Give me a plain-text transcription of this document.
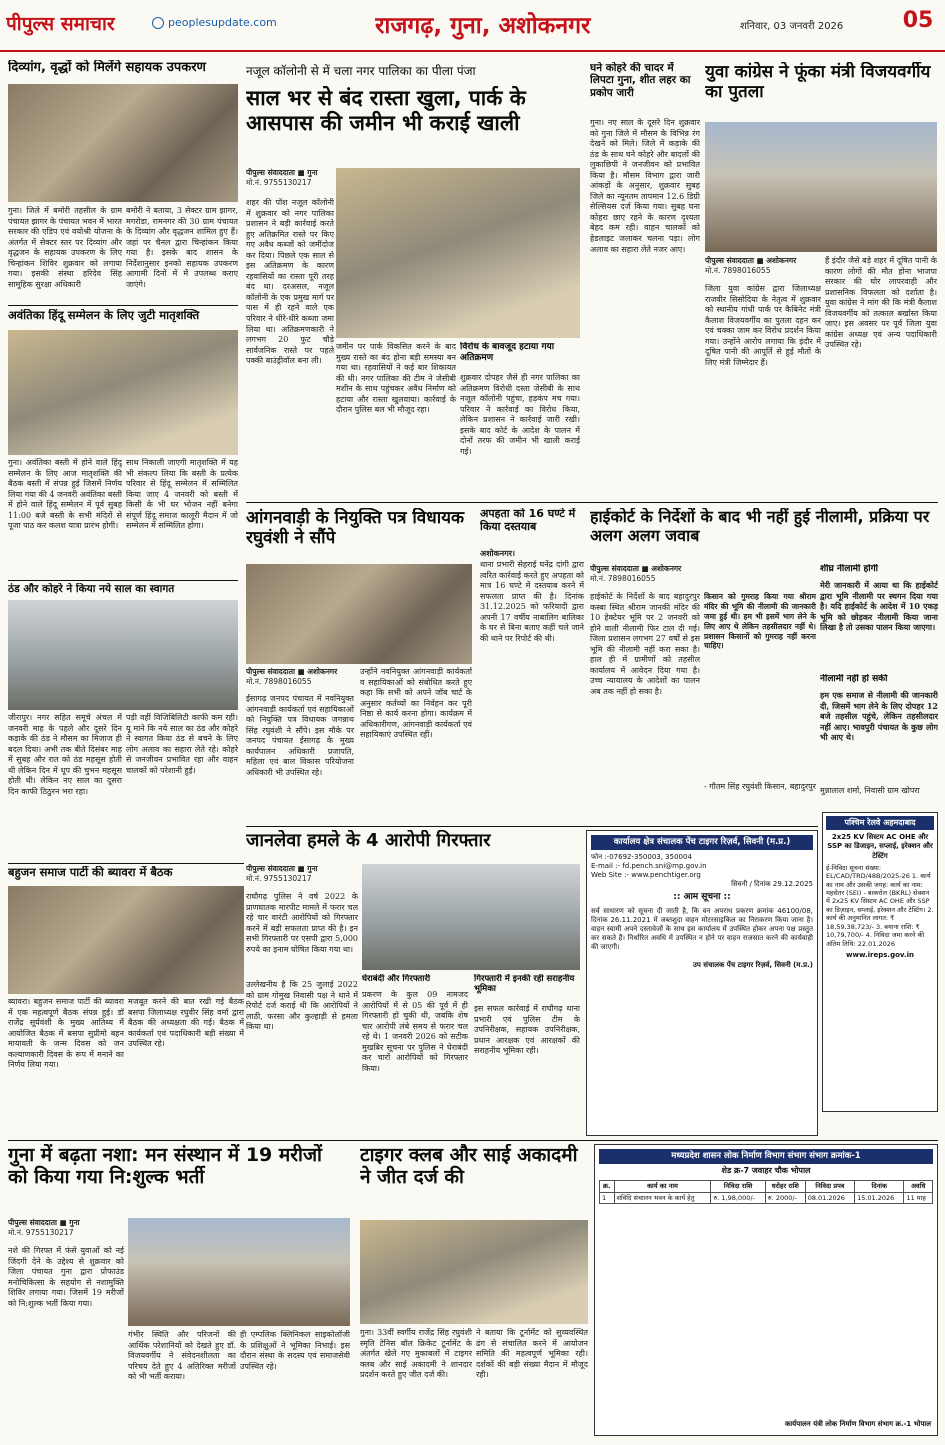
पीपुल्स समाचार	peoplesupdate.com	राजगढ़, गुना, अशोकनगर	शनिवार, 03 जनवरी 2026	05
दिव्यांग, वृद्धों को मिलेंगे सहायक उपकरण
गुना। जिले में बमोरी तहसील के ग्राम पंचायत झागर के पंचायत भवन में भारत सरकार की एडिप एवं वयोश्री योजना के अंतर्गत में सेक्टर स्तर पर दिव्यांग और वृद्धजन के सहायक उपकरण के लिए चिन्हांकन शिविर शुक्रवार को लगाया गया। इसकी संस्था हरिदेव सिंह सामूहिक सुरक्षा अधिकारी
बमोरी ने बताया, 3 सेक्टर ग्राम झागर, मगरोडा, रामनगर की 30 ग्राम पंचायत के दिव्यांग और वृद्धजन शामिल हुए हैं। जहां पर चैनल द्वारा चिन्हांकन किया गया है। इसके बाद शासन के निर्देशानुसार इनको सहायक उपकरण आगामी दिनों में में उपलब्ध कराए जाएंगे।
अवंतिका हिंदू सम्मेलन के लिए जुटी मातृशक्ति
गुना। अवंतिका बस्ती में होने वाले हिंदू सम्मेलन के लिए आज मातृशक्ति की बैठक बस्ती में संपन्न हुई जिसमें निर्णय लिया गया की 4 जनवरी अवंतिका बस्ती में होने वाले हिंदू सम्मेलन में पूर्व सुबह 11:00 बजे बस्ती के सभी मंदिरों से पूजा पाठ कर कलश यात्रा प्रारंभ होगी।
साथ निकाली जाएगी मातृशक्ति में यह भी संकल्प लिया कि बस्ती के प्रत्येक परिवार से हिंदू सम्मेलन में सम्मिलित किया जाए 4 जनवरी को बस्ती में किसी के भी घर भोजन नहीं बनेगा संपूर्ण हिंदू समाज कालूरी मैदान में जो सम्मेलन में सम्मिलित होगा।
ठंड और कोहरे ने किया नये साल का स्वागत
जीरापुर। नगर सहित समूचे अंचल में जनवरी माह के पहले और दूसरे दिन कड़ाके की ठंड ने मौसम का मिजाज ही बदल दिया। अभी तक बीते दिसंबर माह में सुबह और रात को ठंड महसूस होती थी लेकिन दिन में धूप की चुभन महसूस होती थी। लेकिन नए साल का दूसरा दिन काफी ठिठुरन भरा रहा।
पड़ी वहीं विजिबिलिटी काफी कम रही। यू माने कि नये साल का ठंड और कोहरे ने स्वागत किया ठंड से बचने के लिए लोग अलाव का सहारा लेते रहे। कोहरे से जनजीवन प्रभावित रहा और वाहन चालकों को परेशानी हुई।
बहुजन समाज पार्टी की ब्यावरा में बैठक
ब्यावरा। बहुजन समाज पार्टी की ब्यावरा में एक महत्वपूर्ण बैठक संपन्न हुई। डॉ राजेंद्र सूर्यवंशी के मुख्य आतिथ्य में आयोजित बैठक में बसपा सुप्रीमो बहन मायावती के जन्म दिवस को जन कल्याणकारी दिवस के रूप में मनाने का निर्णय लिया गया।
मजबूत करने की बात रखी गई बैठक बसपा जिलाध्यक्ष रघुवीर सिंह वर्मा द्वारा बैठक की अध्यक्षता की गई। बैठक में कार्यकर्ता एवं पदाधिकारी बड़ी संख्या में उपस्थित रहे।
नजूल कॉलोनी से में चला नगर पालिका का पीला पंजा
साल भर से बंद रास्ता खुला, पार्क के आसपास की जमीन भी कराई खाली
पीपुल्स संवाददाता ■ गुना
मो.नं. 9755130217
शहर की पॉश नजूल कॉलोनी में शुक्रवार को नगर पालिका प्रशासन ने बड़ी कार्रवाई करते हुए अतिक्रमित रास्ते पर किए गए अवैध कब्जों को जमींदोज कर दिया। पिछले एक साल से इस अतिक्रमण के कारण रहवासियों का रास्ता पूरी तरह बंद था। दरअसल, नजूल कॉलोनी के एक प्रमुख मार्ग पर पास में ही रहने वाले एक परिवार ने धीरे-धीरे कब्जा जमा लिया था। अतिक्रमणकारी ने लगभग 20 फुट चौड़े सार्वजनिक रास्ते पर पहले पक्की बाउंड्रीवॉल बना ली।
जमीन पर पार्क विकसित करने के बाद मुख्य रास्ते का बंद होना बड़ी समस्या बन गया था। रहवासियों ने कई बार शिकायत की थी। नगर पालिका की टीम ने जेसीबी मशीन के साथ पहुंचकर अवैध निर्माण को हटाया और रास्ता खुलवाया। कार्रवाई के दौरान पुलिस बल भी मौजूद रहा।
विरोध के बावजूद हटाया गया अतिक्रमण
शुक्रवार दोपहर जैसे ही नगर पालिका का अतिक्रमण विरोधी दस्ता जेसीबी के साथ नजूल कॉलोनी पहुंचा, हड़कंप मच गया। परिवार ने कार्रवाई का विरोध किया, लेकिन प्रशासन ने कार्रवाई जारी रखी। इसके बाद कोर्ट के आदेश के पालन में दोनों तरफ की जमीन भी खाली कराई गई।
घने कोहरे की चादर में लिपटा गुना, शीत लहर का प्रकोप जारी
गुना। नए साल के दूसरे दिन शुक्रवार को गुना जिले में मौसम के विभिन्न रंग देखने को मिले। जिले में कड़ाके की ठंड के साथ घने कोहरे और बादलों की लुकाछिपी ने जनजीवन को प्रभावित किया है। मौसम विभाग द्वारा जारी आंकड़ों के अनुसार, शुक्रवार सुबह जिले का न्यूनतम तापमान 12.6 डिग्री सेल्सियस दर्ज किया गया। सुबह घना कोहरा छाए रहने के कारण दृश्यता बेहद कम रही। वाहन चालकों को हेडलाइट जलाकर चलना पड़ा। लोग अलाव का सहारा लेते नजर आए।
युवा कांग्रेस ने फूंका मंत्री विजयवर्गीय का पुतला
पीपुल्स संवाददाता ■ अशोकनगर
मो.नं. 7898016055
जिला युवा कांग्रेस द्वारा जिलाध्यक्ष राजवीर सिसोदिया के नेतृत्व में शुक्रवार को स्थानीय गांधी पार्क पर कैबिनेट मंत्री कैलाश विजयवर्गीय का पुतला दहन कर एवं चक्का जाम कर विरोध प्रदर्शन किया गया। उन्होंने आरोप लगाया कि इंदौर में दूषित पानी की आपूर्ति से हुई मौतों के लिए मंत्री जिम्मेदार हैं।
हैं इंदौर जैसे बड़े शहर में दूषित पानी के कारण लोगों की मौत होना भाजपा सरकार की घोर लापरवाही और प्रशासनिक विफलता को दर्शाता है। युवा कांग्रेस ने मांग की कि मंत्री कैलाश विजयवर्गीय को तत्काल बर्खास्त किया जाए। इस अवसर पर पूर्व जिला युवा कांग्रेस अध्यक्ष एवं अन्य पदाधिकारी उपस्थित रहे।
आंगनवाड़ी के नियुक्ति पत्र विधायक रघुवंशी ने सौंपे
पीपुल्स संवाददाता ■ अशोकनगर
मो.नं. 7898016055
ईसागढ़ जनपद पंचायत में नवनियुक्त आंगनवाड़ी कार्यकर्ता एवं सहायिकाओं को नियुक्ति पत्र विधायक जगन्नाथ सिंह रघुवंशी ने सौंपे। इस मौके पर जनपद पंचायत ईसागढ़ के मुख्य कार्यपालन अधिकारी प्रजापति, महिला एवं बाल विकास परियोजना अधिकारी भी उपस्थित रहे।
उन्होंने नवनियुक्त आंगनवाड़ी कार्यकर्ता व सहायिकाओं को संबोधित करते हुए कहा कि सभी को अपने जॉब चार्ट के अनुसार कर्तव्यों का निर्वहन कर पूरी निष्ठा से कार्य करना होगा। कार्यक्रम में अधिकारीगण, आंगनवाड़ी कार्यकर्ता एवं सहायिकाएं उपस्थित रहीं।
अपहता को 16 घण्टे में किया दस्तयाब
अशोकनगर।
थाना प्रभारी सेहराई घनेंद्र दांगी द्वारा त्वरित कार्रवाई करते हुए अपहता को मात्र 16 घण्टे में दस्तयाब करने में सफलता प्राप्त की है। दिनांक 31.12.2025 को फरियादी द्वारा अपनी 17 वर्षीय नाबालिग बालिका के घर से बिना बताए कहीं चले जाने की थाने पर रिपोर्ट की थी।
हाईकोर्ट के निर्देशों के बाद भी नहीं हुई नीलामी, प्रक्रिया पर अलग अलग जवाब
पीपुल्स संवाददाता ■ अशोकनगर
मो.नं. 7898016055
हाईकोर्ट के निर्देशों के बाद बहादुरपुर कस्बा स्थित श्रीराम जानकी मंदिर की 10 हेक्टेयर भूमि पर 2 जनवरी को होने वाली नीलामी फिर टाल दी गई। जिला प्रशासन लगभग 27 वर्षों से इस भूमि की नीलामी नहीं करा सका है। हाल ही में ग्रामीणों को तहसील कार्यालय में आवेदन दिया गया है। उच्च न्यायालय के आदेशों का पालन अब तक नहीं हो सका है।
किसान को गुमराह किया गया श्रीराम मंदिर की भूमि की नीलामी की जानकारी जमा हुई थी। हम भी इसमें भाग लेने के लिए आए थे लेकिन तहसीलदार नहीं थे। प्रशासन किसानों को गुमराह नहीं करना चाहिए।
- गौतम सिंह रघुवंशी किसान, बहादुरपुर
शीघ्र नीलामी होगी
मेरी जानकारी में आया था कि हाईकोर्ट द्वारा भूमि नीलामी पर स्थगन दिया गया है। यदि हाईकोर्ट के आदेश में 10 एकड़ भूमि को छोड़कर नीलामी किया जाना लिखा है तो उसका पालन किया जाएगा।
नीलामी नहीं हो सकी
हम एक समाज से नीलामी की जानकारी दी, जिसमें भाग लेने के लिए दोपहर 12 बजे तहसील पहुंचे, लेकिन तहसीलदार नहीं आए। भावपुरी पंचायत के कुछ लोग भी आए थे।
मुन्नालाल शर्मा, निवासी ग्राम खोपरा
पश्चिम रेलवे अहमदाबाद
2x25 KV सिस्टम AC OHE और SSP का डिजाइन, सप्लाई, इरेक्शन और टेस्टिंग
ई-निविदा सूचना संख्या: EL/CAD/TRD/48B/2025-26 1. कार्य का नाम और उसकी जगह: कार्य का नाम: महसेतर (SEI) - बाकरोल (BKRL) सेक्शन में 2x25 KV सिस्टम AC OHE और SSP का डिज़ाइन, सप्लाई, इरेक्शन और टेस्टिंग। 2. कार्य की अनुमानित लागत: ₹ 18,59,38,723/- 3. बयाना राशि: ₹ 10,79,700/- 4. निविदा जमा करने की अंतिम तिथि: 22.01.2026
www.ireps.gov.in
जानलेवा हमले के 4 आरोपी गिरफ्तार
पीपुल्स संवाददाता ■ गुना
मो.नं. 9755130217
राघौगढ़ पुलिस ने वर्ष 2022 के प्राणघातक मारपीट मामले में फरार चल रहे चार वारंटी आरोपियों को गिरफ्तार करने में बड़ी सफलता प्राप्त की है। इन सभी गिरफ्तारी पर एसपी द्वारा 5,000 रुपये का इनाम घोषित किया गया था।
उल्लेखनीय है कि 25 जुलाई 2022 को ग्राम गोमुख निवासी पक्ष ने थाने में रिपोर्ट दर्ज कराई थी कि आरोपियों ने लाठी, फरसा और कुल्हाड़ी से हमला किया था।
घेराबंदी और गिरफ्तारी
प्रकरण के कुल 09 नामजद आरोपियों में से 05 की पूर्व में ही गिरफ्तारी हो चुकी थी, जबकि शेष चार आरोपी लंबे समय से फरार चल रहे थे। 1 जनवरी 2026 को सटीक मुखबिर सूचना पर पुलिस ने घेराबंदी कर चारों आरोपियों को गिरफ्तार किया।
गिरफ्तारी में इनकी रही सराहनीय भूमिका
इस सफल कार्रवाई में राघौगढ़ थाना प्रभारी एवं पुलिस टीम के उपनिरीक्षक, सहायक उपनिरीक्षक, प्रधान आरक्षक एवं आरक्षकों की सराहनीय भूमिका रही।
कार्यालय क्षेत्र संचालक पेंच टाइगर रिज़र्व, सिवनी (म.प्र.)
फोन :-07692-350003, 350004
E-mail :- fd.pench.sni@mp.gov.in
Web Site :- www.penchtiger.org
सिवनी / दिनांक 29.12.2025
:: आम सूचना ::
सर्व साधारण को सूचना दी जाती है, कि वन अपराध प्रकरण क्रमांक 46100/08, दिनांक 26.11.2021 में जब्तशुदा वाहन मोटरसाइकिल का निराकरण किया जाना है। वाहन स्वामी अपने दस्तावेजों के साथ इस कार्यालय में उपस्थित होकर अपना पक्ष प्रस्तुत कर सकते हैं। निर्धारित अवधि में उपस्थित न होने पर वाहन राजसात करने की कार्यवाही की जाएगी।
उप संचालक पेंच टाइगर रिज़र्व, सिवनी (म.प्र.)
गुना में बढ़ता नशा: मन संस्थान में 19 मरीजों को किया गया नि:शुल्क भर्ती
पीपुल्स संवाददाता ■ गुना
मो.नं. 9755130217
नशे की गिरफ्त में फंसे युवाओं को नई जिंदगी देने के उद्देश्य से शुक्रवार को जिला पंचायत गुना द्वारा प्रोफाउंड मनोचिकित्सा के सहयोग से नशामुक्ति शिविर लगाया गया। जिसमें 19 मरीजों को नि:शुल्क भर्ती किया गया।
गंभीर स्थिति और परिजनों की आर्थिक परेशानियों को देखते हुए डॉ. विजयवर्गीय ने संवेदनशीलता का परिचय देते हुए 4 अतिरिक्त मरीजों को भी भर्ती कराया।
ही एम्पलिक क्लिनिकल साइकोलॉजी के प्रशिक्षुओं ने भूमिका निभाई। इस दौरान संस्था के सदस्य एवं समाजसेवी उपस्थित रहे।
टाइगर क्लब और साई अकादमी ने जीत दर्ज की
गुना। 33वीं स्वर्गीय राजेंद्र सिंह रघुवंशी स्मृति टेनिस बॉल क्रिकेट टूर्नामेंट के अंतर्गत खेले गए मुकाबलों में टाइगर क्लब और साई अकादमी ने शानदार प्रदर्शन करते हुए जीत दर्ज की।
ने बताया कि टूर्नामेंट को सुव्यवस्थित ढंग से संचालित करने में आयोजन समिति की महत्वपूर्ण भूमिका रही। दर्शकों की बड़ी संख्या मैदान में मौजूद रही।
मध्यप्रदेश शासन लोक निर्माण विभाग संभाग संभाग क्रमांक-1
शेड क्र-7 जवाहर चौक भोपाल
क्र.	कार्य का नाम	निविदा राशि	धरोहर राशि	निविदा प्रपत्र	दिनांक	अवधि
1	संविदि संचालन भवन के कार्य हेतु	रु. 1,98,000/-	रु. 2000/-	08.01.2026	15.01.2026	11 माह
कार्यपालन यंत्री लोक निर्माण विभाग संभाग क्र.-1 भोपाल
